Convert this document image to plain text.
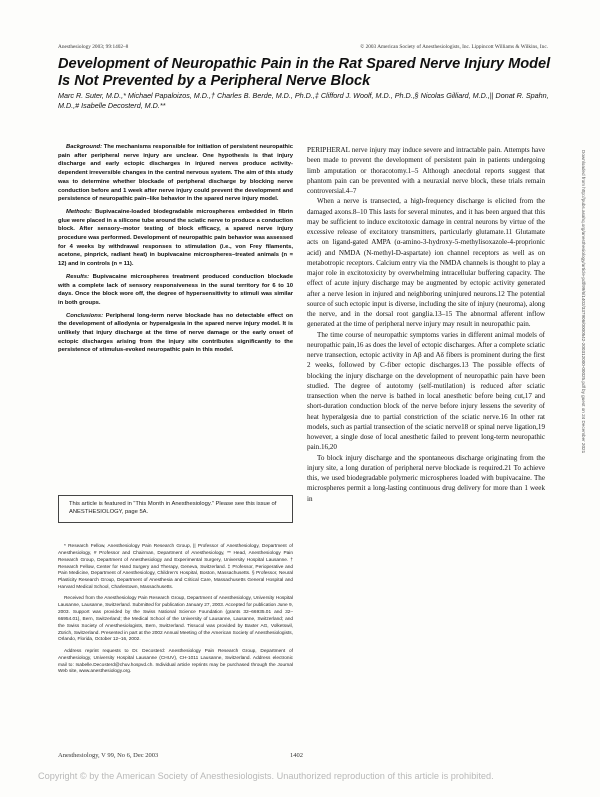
Anesthesiology 2003; 99:1402–8	© 2003 American Society of Anesthesiologists, Inc. Lippincott Williams & Wilkins, Inc.
Development of Neuropathic Pain in the Rat Spared Nerve Injury Model Is Not Prevented by a Peripheral Nerve Block
Marc R. Suter, M.D.,* Michael Papaloizos, M.D.,† Charles B. Berde, M.D., Ph.D.,‡ Clifford J. Woolf, M.D., Ph.D.,§ Nicolas Gilliard, M.D.,|| Donat R. Spahn, M.D.,# Isabelle Decosterd, M.D.**

Background: The mechanisms responsible for initiation of persistent neuropathic pain after peripheral nerve injury are unclear. One hypothesis is that injury discharge and early ectopic discharges in injured nerves produce activity-dependent irreversible changes in the central nervous system. The aim of this study was to determine whether blockade of peripheral discharge by blocking nerve conduction before and 1 week after nerve injury could prevent the development and persistence of neuropathic pain–like behavior in the spared nerve injury model.

Methods: Bupivacaine-loaded biodegradable microspheres embedded in fibrin glue were placed in a silicone tube around the sciatic nerve to produce a conduction block. After sensory–motor testing of block efficacy, a spared nerve injury procedure was performed. Development of neuropathic pain behavior was assessed for 4 weeks by withdrawal responses to stimulation (i.e., von Frey filaments, acetone, pinprick, radiant heat) in bupivacaine microspheres–treated animals (n = 12) and in controls (n = 11).

Results: Bupivacaine microspheres treatment produced conduction blockade with a complete lack of sensory responsiveness in the sural territory for 6 to 10 days. Once the block wore off, the degree of hypersensitivity to stimuli was similar in both groups.

Conclusions: Peripheral long-term nerve blockade has no detectable effect on the development of allodynia or hyperalgesia in the spared nerve injury model. It is unlikely that injury discharge at the time of nerve damage or the early onset of ectopic discharges arising from the injury site contributes significantly to the persistence of stimulus-evoked neuropathic pain in this model.

This article is featured in “This Month in Anesthesiology.” Please see this issue of ANESTHESIOLOGY, page 5A.

* Research Fellow, Anesthesiology Pain Research Group, || Professor of Anesthesiology, Department of Anesthesiology, # Professor and Chairman, Department of Anesthesiology, ** Head, Anesthesiology Pain Research Group, Department of Anesthesiology and Experimental Surgery, University Hospital Lausanne. † Research Fellow, Center for Hand Surgery and Therapy, Geneva, Switzerland. ‡ Professor, Perioperative and Pain Medicine, Department of Anesthesiology, Children's Hospital, Boston, Massachusetts. § Professor, Neural Plasticity Research Group, Department of Anesthesia and Critical Care, Massachusetts General Hospital and Harvard Medical School, Charlestown, Massachusetts.

Received from the Anesthesiology Pain Research Group, Department of Anesthesiology, University Hospital Lausanne, Lausanne, Switzerland. Submitted for publication January 27, 2003. Accepted for publication June 9, 2003. Support was provided by the Swiss National Science Foundation (grants 32–66935.01 and 32–66954.01), Bern, Switzerland; the Medical School of the University of Lausanne, Lausanne, Switzerland; and the Swiss Society of Anesthesiologists, Bern, Switzerland. Tissucol was provided by Baxter AG, Volketswil, Zürich, Switzerland. Presented in part at the 2002 Annual Meeting of the American Society of Anesthesiologists, Orlando, Florida, October 12–16, 2002.

Address reprint requests to Dr. Decosterd: Anesthesiology Pain Research Group, Department of Anesthesiology, University Hospital Lausanne (CHUV), CH-1011 Lausanne, Switzerland. Address electronic mail to: Isabelle.Decosterd@chuv.hospvd.ch. Individual article reprints may be purchased through the Journal Web site, www.anesthesiology.org.

PERIPHERAL nerve injury may induce severe and intractable pain. Attempts have been made to prevent the development of persistent pain in patients undergoing limb amputation or thoracotomy.1–5 Although anecdotal reports suggest that phantom pain can be prevented with a neuraxial nerve block, these trials remain controversial.4–7

When a nerve is transected, a high-frequency discharge is elicited from the damaged axons.8–10 This lasts for several minutes, and it has been argued that this may be sufficient to induce excitotoxic damage in central neurons by virtue of the excessive release of excitatory transmitters, particularly glutamate.11 Glutamate acts on ligand-gated AMPA (α-amino-3-hydroxy-5-methylisoxazole-4-proprionic acid) and NMDA (N-methyl-D-aspartate) ion channel receptors as well as on metabotropic receptors. Calcium entry via the NMDA channels is thought to play a major role in excitotoxicity by overwhelming intracellular buffering capacity. The effect of acute injury discharge may be augmented by ectopic activity generated after a nerve lesion in injured and neighboring uninjured neurons.12 The potential source of such ectopic input is diverse, including the site of injury (neuroma), along the nerve, and in the dorsal root ganglia.13–15 The abnormal afferent inflow generated at the time of peripheral nerve injury may result in neuropathic pain.

The time course of neuropathic symptoms varies in different animal models of neuropathic pain,16 as does the level of ectopic discharges. After a complete sciatic nerve transection, ectopic activity in Aβ and Aδ fibers is prominent during the first 2 weeks, followed by C-fiber ectopic discharges.13 The possible effects of blocking the injury discharge on the development of neuropathic pain have been studied. The degree of autotomy (self-mutilation) is reduced after sciatic transection when the nerve is bathed in local anesthetic before being cut,17 and short-duration conduction block of the nerve before injury lessens the severity of heat hyperalgesia due to partial constriction of the sciatic nerve.16 In other rat models, such as partial transection of the sciatic nerve18 or spinal nerve ligation,19 however, a single dose of local anesthetic failed to prevent long-term neuropathic pain.16,20

To block injury discharge and the spontaneous discharge originating from the injury site, a long duration of peripheral nerve blockade is required.21 To achieve this, we used biodegradable polymeric microspheres loaded with bupivacaine. The microspheres permit a long-lasting continuous drug delivery for more than 1 week in

Downloaded from http://pubs.asahq.org/anesthesiology/article-pdf/99/6/1402/337906/0000542-200312000-00025.pdf by guest on 24 December 2021
Anesthesiology, V 99, No 6, Dec 2003	1402
Copyright © by the American Society of Anesthesiologists. Unauthorized reproduction of this article is prohibited.
